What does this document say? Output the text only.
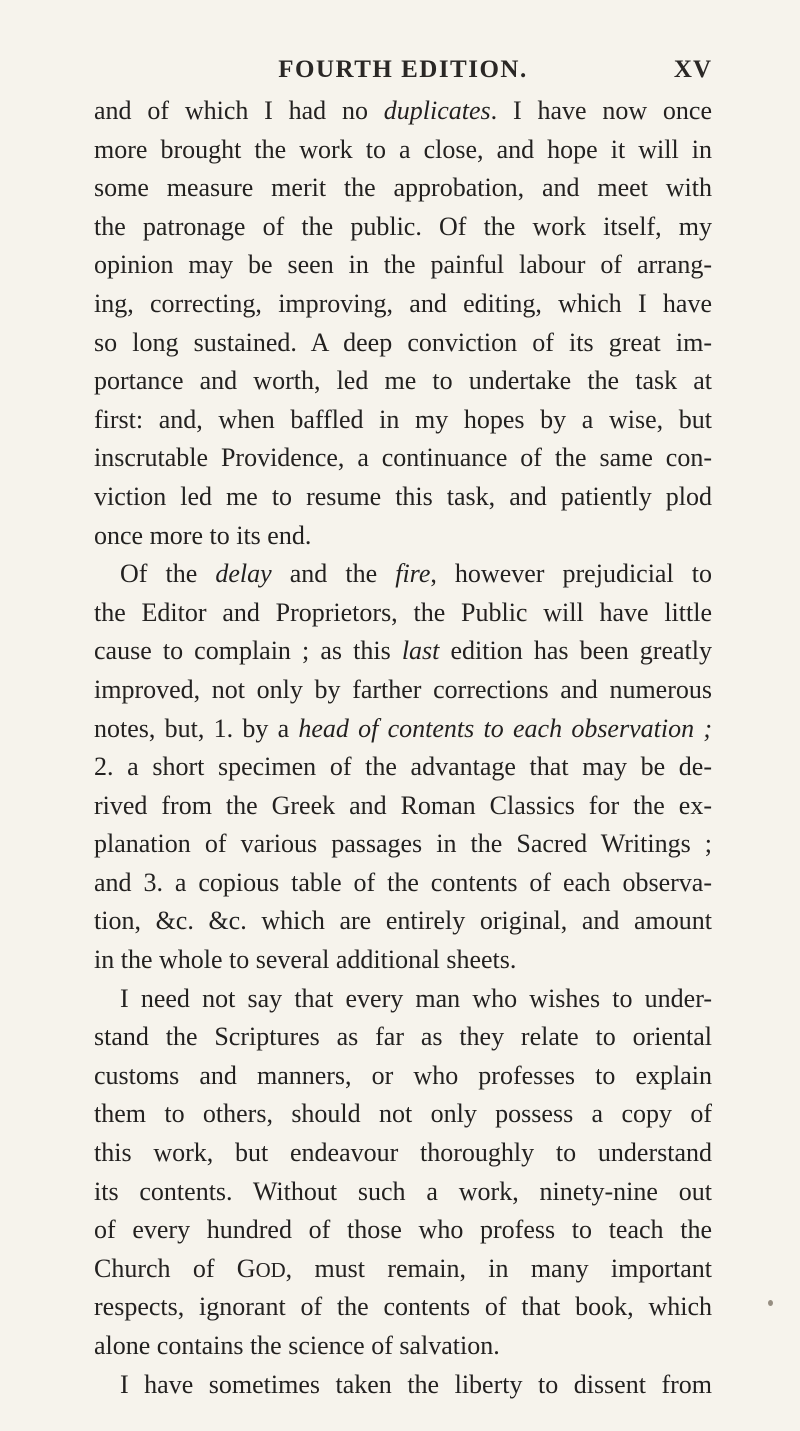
FOURTH EDITION.	XV
and of which I had no duplicates. I have now once
more brought the work to a close, and hope it will in
some measure merit the approbation, and meet with
the patronage of the public. Of the work itself, my
opinion may be seen in the painful labour of arrang-
ing, correcting, improving, and editing, which I have
so long sustained. A deep conviction of its great im-
portance and worth, led me to undertake the task at
first: and, when baffled in my hopes by a wise, but
inscrutable Providence, a continuance of the same con-
viction led me to resume this task, and patiently plod
once more to its end.
Of the delay and the fire, however prejudicial to
the Editor and Proprietors, the Public will have little
cause to complain ; as this last edition has been greatly
improved, not only by farther corrections and numerous
notes, but, 1. by a head of contents to each observation ;
2. a short specimen of the advantage that may be de-
rived from the Greek and Roman Classics for the ex-
planation of various passages in the Sacred Writings ;
and 3. a copious table of the contents of each observa-
tion, &c. &c. which are entirely original, and amount
in the whole to several additional sheets.
I need not say that every man who wishes to under-
stand the Scriptures as far as they relate to oriental
customs and manners, or who professes to explain
them to others, should not only possess a copy of
this work, but endeavour thoroughly to understand
its contents. Without such a work, ninety-nine out
of every hundred of those who profess to teach the
Church of GOD, must remain, in many important
respects, ignorant of the contents of that book, which
alone contains the science of salvation.
I have sometimes taken the liberty to dissent from
